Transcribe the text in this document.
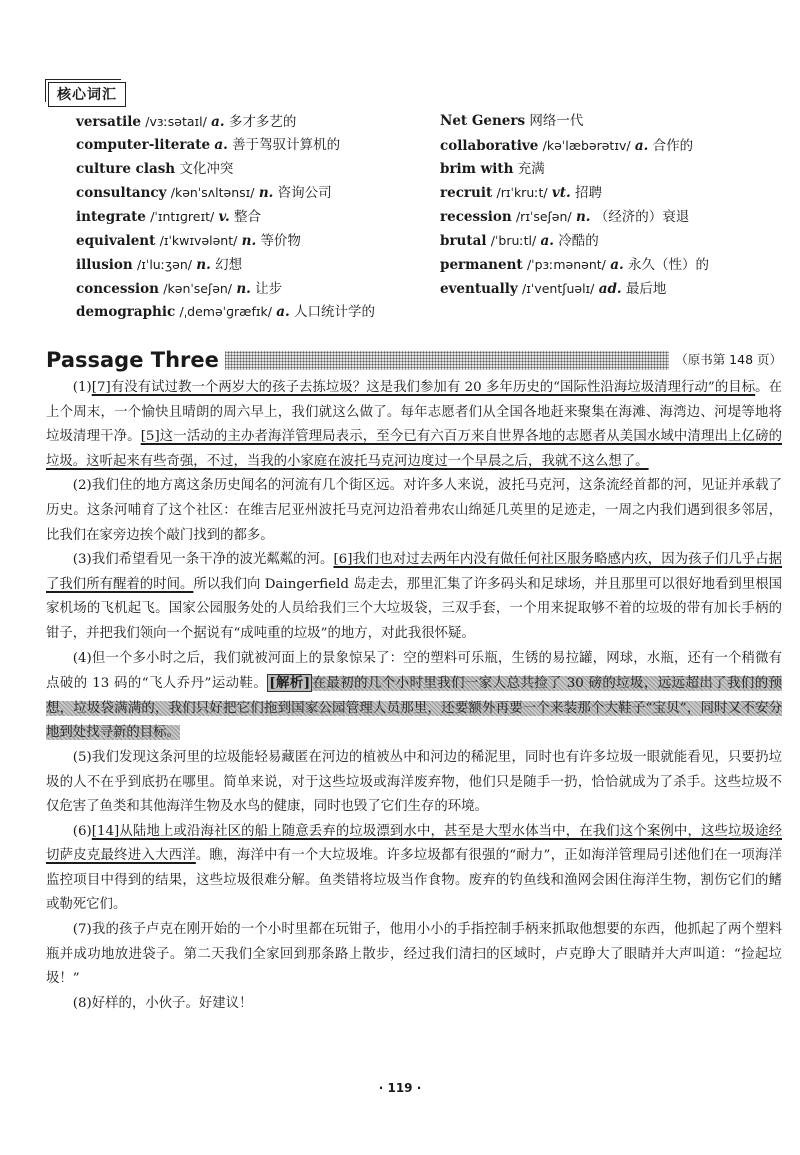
核心词汇
versatile /vɜːsətaɪl/ a. 多才多艺的
computer-literate a. 善于驾驭计算机的
culture clash 文化冲突
consultancy /kənˈsʌltənsɪ/ n. 咨询公司
integrate /ˈɪntɪɡreɪt/ v. 整合
equivalent /ɪˈkwɪvələnt/ n. 等价物
illusion /ɪˈluːʒən/ n. 幻想
concession /kənˈseʃən/ n. 让步
demographic /ˌdeməˈɡræfɪk/ a. 人口统计学的
Net Geners 网络一代
collaborative /kəˈlæbərətɪv/ a. 合作的
brim with 充满
recruit /rɪˈkruːt/ vt. 招聘
recession /rɪˈseʃən/ n. （经济的）衰退
brutal /ˈbruːtl/ a. 冷酷的
permanent /ˈpɜːmənənt/ a. 永久（性）的
eventually /ɪˈventʃuəlɪ/ ad. 最后地
Passage Three	（原书第 148 页）

(1)[7]有没有试过教一个两岁大的孩子去拣垃圾？这是我们参加有 20 多年历史的“国际性沿海垃圾清理行动”的目标。在上个周末，一个愉快且晴朗的周六早上，我们就这么做了。每年志愿者们从全国各地赶来聚集在海滩、海湾边、河堤等地将垃圾清理干净。[5]这一活动的主办者海洋管理局表示，至今已有六百万来自世界各地的志愿者从美国水域中清理出上亿磅的垃圾。这听起来有些奇强，不过，当我的小家庭在波托马克河边度过一个早晨之后，我就不这么想了。

(2)我们住的地方离这条历史闻名的河流有几个街区远。对许多人来说，波托马克河，这条流经首都的河，见证并承载了历史。这条河哺育了这个社区：在维吉尼亚州波托马克河边沿着弗农山绵延几英里的足迹走，一周之内我们遇到很多邻居，比我们在家旁边挨个敲门找到的都多。

(3)我们希望看见一条干净的波光粼粼的河。[6]我们也对过去两年内没有做任何社区服务略感内疚，因为孩子们几乎占据了我们所有醒着的时间。所以我们向 Daingerfield 岛走去，那里汇集了许多码头和足球场，并且那里可以很好地看到里根国家机场的飞机起飞。国家公园服务处的人员给我们三个大垃圾袋，三双手套，一个用来捉取够不着的垃圾的带有加长手柄的钳子，并把我们领向一个据说有“成吨重的垃圾”的地方，对此我很怀疑。

(4)但一个多小时之后，我们就被河面上的景象惊呆了：空的塑料可乐瓶，生锈的易拉罐，网球，水瓶，还有一个稍微有点破的 13 码的“飞人乔丹”运动鞋。 [解析] 在最初的几个小时里我们一家人总共捡了 30 磅的垃圾，远远超出了我们的预想，垃圾袋满满的，我们只好把它们拖到国家公园管理人员那里，还要额外再要一个来装那个大鞋子“宝贝”，同时又不安分地到处找寻新的目标。

(5)我们发现这条河里的垃圾能轻易藏匿在河边的植被丛中和河边的稀泥里，同时也有许多垃圾一眼就能看见，只要扔垃圾的人不在乎到底扔在哪里。简单来说，对于这些垃圾或海洋废弃物，他们只是随手一扔，恰恰就成为了杀手。这些垃圾不仅危害了鱼类和其他海洋生物及水鸟的健康，同时也毁了它们生存的环境。

(6)[14]从陆地上或沿海社区的船上随意丢弃的垃圾漂到水中，甚至是大型水体当中，在我们这个案例中，这些垃圾途经切萨皮克最终进入大西洋。瞧，海洋中有一个大垃圾堆。许多垃圾都有很强的“耐力”，正如海洋管理局引述他们在一项海洋监控项目中得到的结果，这些垃圾很难分解。鱼类错将垃圾当作食物。废弃的钓鱼线和渔网会困住海洋生物，割伤它们的鳍或勒死它们。

(7)我的孩子卢克在刚开始的一个小时里都在玩钳子，他用小小的手指控制手柄来抓取他想要的东西，他抓起了两个塑料瓶并成功地放进袋子。第二天我们全家回到那条路上散步，经过我们清扫的区域时，卢克睁大了眼睛并大声叫道：“捡起垃圾！”

(8)好样的，小伙子。好建议！

· 119 ·
